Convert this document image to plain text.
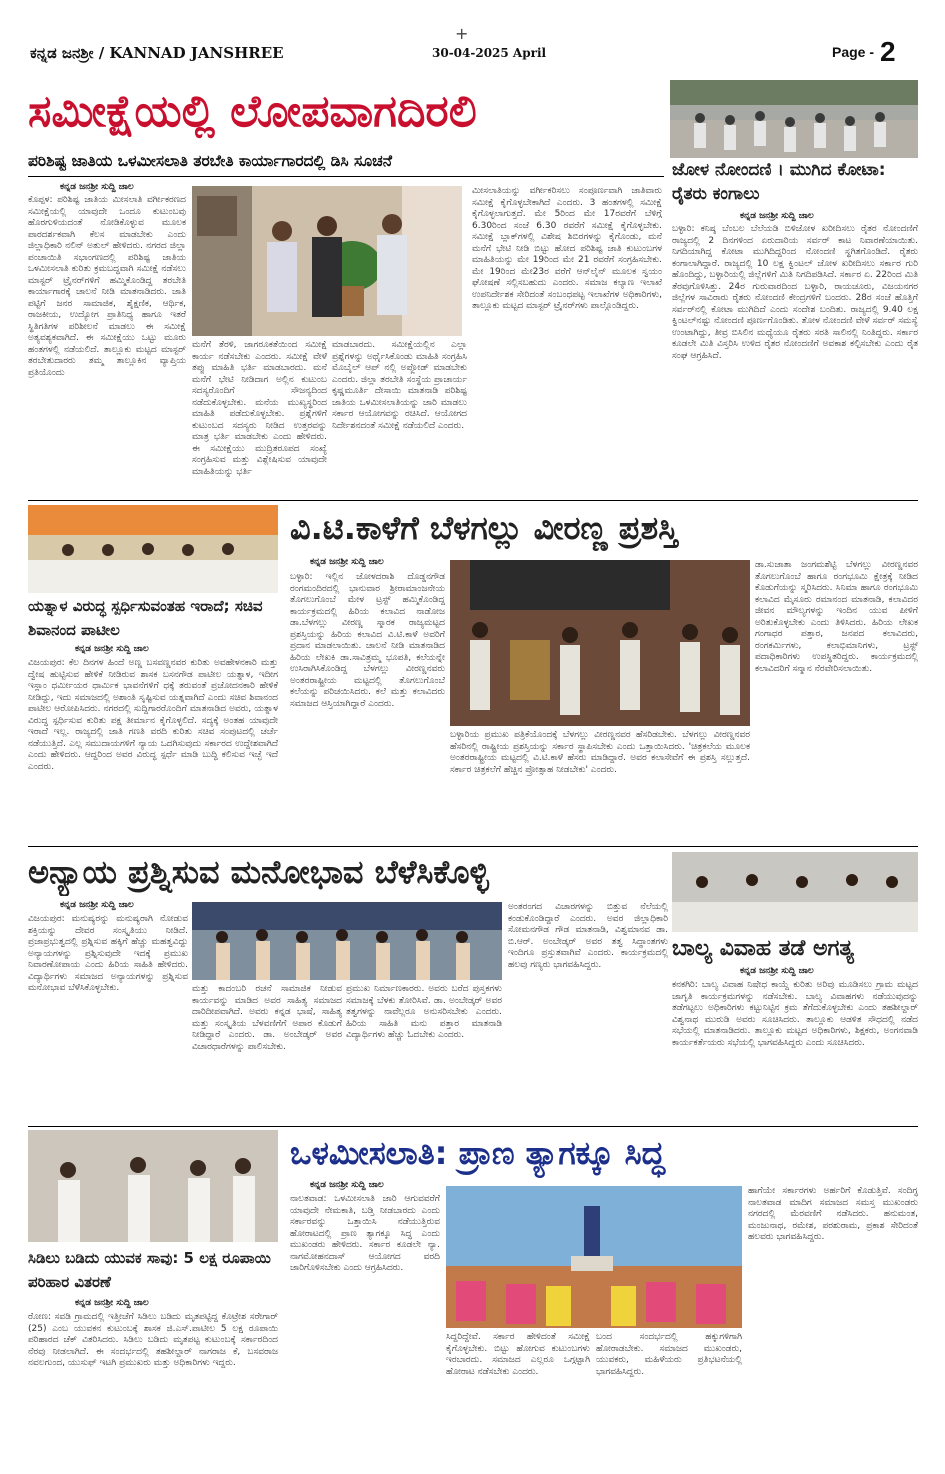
+
ಕನ್ನಡ ಜನಶ್ರೀ / KANNAD JANSHREE	30-04-2025 April	Page - 2
ಸಮೀಕ್ಷೆಯಲ್ಲಿ ಲೋಪವಾಗದಿರಲಿ
ಪರಿಶಿಷ್ಟ ಜಾತಿಯ ಒಳಮೀಸಲಾತಿ ತರಬೇತಿ ಕಾರ್ಯಾಗಾರದಲ್ಲಿ ಡಿಸಿ ಸೂಚನೆ
ಕನ್ನಡ ಜನಶ್ರೀ ಸುದ್ದಿ ಜಾಲ
ಕೊಪ್ಪಳ: ಪರಿಶಿಷ್ಟ ಜಾತಿಯ ಮೀಸಲಾತಿ ವರ್ಗೀಕರಣದ ಸಮೀಕ್ಷೆಯಲ್ಲಿ ಯಾವುದೇ ಒಂದೂ ಕುಟುಂಬವು ಹೊರಗುಳಿಯದಂತೆ ನೋಡಿಕೊಳ್ಳುವ ಮೂಲಕ ಪಾರದರ್ಶಕವಾಗಿ ಕೆಲಸ ಮಾಡಬೇಕು ಎಂದು ಜಿಲ್ಲಾಧಿಕಾರಿ ನಲಿನ್ ಅತುಲ್ ಹೇಳಿದರು. ನಗರದ ಜಿಲ್ಲಾ ಪಂಚಾಯಿತಿ ಸಭಾಂಗಣದಲ್ಲಿ ಪರಿಶಿಷ್ಟ ಜಾತಿಯ ಒಳಮೀಸಲಾತಿ ಕುರಿತು ಕ್ರಮಬದ್ಧವಾಗಿ ಸಮೀಕ್ಷೆ ನಡೆಸಲು ಮಾಸ್ಟರ್ ಟ್ರೈನರ್‌ಗಳಿಗೆ ಹಮ್ಮಿಕೊಂಡಿದ್ದ ತರಬೇತಿ ಕಾರ್ಯಾಗಾರಕ್ಕೆ ಚಾಲನೆ ನೀಡಿ ಮಾತನಾಡಿದರು. ಜಾತಿ ಪಟ್ಟಿಗೆ ಜನರ ಸಾಮಾಜಿಕ, ಶೈಕ್ಷಣಿಕ, ಆರ್ಥಿಕ, ರಾಜಕೀಯ, ಉದ್ಯೋಗ ಪ್ರಾತಿನಿಧ್ಯ ಹಾಗೂ ಇತರೆ ಸ್ಥಿತಿಗತಿಗಳ ಪರಿಶೀಲನೆ ಮಾಡಲು ಈ ಸಮೀಕ್ಷೆ ಅತ್ಯವಶ್ಯಕವಾಗಿದೆ. ಈ ಸಮೀಕ್ಷೆಯು ಒಟ್ಟು ಮೂರು ಹಂತಗಳಲ್ಲಿ ನಡೆಯಲಿದೆ. ತಾಲ್ಲೂಕು ಮಟ್ಟದ ಮಾಸ್ಟರ್ ತರಬೇತುದಾರರು ತಮ್ಮ ತಾಲ್ಲೂಕಿನ ವ್ಯಾಪ್ತಿಯ ಪ್ರತಿಯೊಂದು
ಮನೆಗೆ ತೆರಳಿ, ಜಾಗರೂಕತೆಯಿಂದ ಸಮೀಕ್ಷೆ ಕಾರ್ಯ ನಡೆಸಬೇಕು ಎಂದರು. ಸಮೀಕ್ಷೆ ವೇಳೆ ತಪ್ಪು ಮಾಹಿತಿ ಭರ್ತಿ ಮಾಡಬಾರದು. ಮನೆ ಮನೆಗೆ ಭೇಟಿ ನೀಡಿದಾಗ ಅಲ್ಲಿನ ಕುಟುಂಬ ಸದಸ್ಯರೊಂದಿಗೆ ಸೌಜನ್ಯದಿಂದ ನಡೆದುಕೊಳ್ಳಬೇಕು. ಮನೆಯ ಮುಖ್ಯಸ್ಥರಿಂದ ಮಾಹಿತಿ ಪಡೆದುಕೊಳ್ಳಬೇಕು. ಪ್ರಶ್ನೆಗಳಿಗೆ ಕುಟುಂಬದ ಸದಸ್ಯರು ನೀಡಿದ ಉತ್ತರವನ್ನು ಮಾತ್ರ ಭರ್ತಿ ಮಾಡಬೇಕು ಎಂದು ಹೇಳಿದರು. ಈ ಸಮೀಕ್ಷೆಯು ಮುದ್ರಿತರೂಪದ ಸಂಖ್ಯೆ ಸಂಗ್ರಹಿಸುವ ಮತ್ತು ವಿಶ್ಲೇಷಿಸುವ ಯಾವುದೇ ಮಾಹಿತಿಯನ್ನು ಭರ್ತಿ
ಮಾಡಬಾರದು. ಸಮೀಕ್ಷೆಯಲ್ಲಿನ ಎಲ್ಲಾ ಪ್ರಶ್ನೆಗಳನ್ನು ಅರ್ಥೈಸಿಕೊಂಡು ಮಾಹಿತಿ ಸಂಗ್ರಹಿಸಿ ಮೊಬೈಲ್ ಆಪ್ ನಲ್ಲಿ ಅಪ್ಲೋಡ್ ಮಾಡಬೇಕು ಎಂದರು. ಜಿಲ್ಲಾ ತರಬೇತಿ ಸಂಸ್ಥೆಯ ಪ್ರಾಚಾರ್ಯ ಕೃಷ್ಣಮೂರ್ತಿ ದೇಸಾಯಿ ಮಾತನಾಡಿ ಪರಿಶಿಷ್ಟ ಜಾತಿಯ ಒಳಮೀಸಲಾತಿಯನ್ನು ಜಾರಿ ಮಾಡಲು ಸರ್ಕಾರ ಆಯೋಗವನ್ನು ರಚಿಸಿದೆ. ಆಯೋಗದ ನಿರ್ದೇಶನದಂತೆ ಸಮೀಕ್ಷೆ ನಡೆಯಲಿದೆ ಎಂದರು.
ಮೀಸಲಾತಿಯನ್ನು ವರ್ಗೀಕರಿಸಲು ಸಂಪೂರ್ಣವಾಗಿ ಜಾತಿವಾರು ಸಮೀಕ್ಷೆ ಕೈಗೊಳ್ಳಬೇಕಾಗಿದೆ ಎಂದರು. 3 ಹಂತಗಳಲ್ಲಿ ಸಮೀಕ್ಷೆ ಕೈಗೊಳ್ಳಲಾಗುತ್ತದೆ. ಮೇ 5ರಿಂದ ಮೇ 17ರವರೆಗೆ ಬೆಳಿಗ್ಗೆ 6.30ರಿಂದ ಸಂಜೆ 6.30 ರವರೆಗೆ ಸಮೀಕ್ಷೆ ಕೈಗೊಳ್ಳಬೇಕು. ಸಮೀಕ್ಷೆ ಬ್ಲಾಕ್‌ಗಳಲ್ಲಿ ವಿಶೇಷ ಶಿಬಿರಗಳನ್ನು ಕೈಗೊಂಡು, ಮನೆ ಮನೆಗೆ ಭೇಟಿ ನೀಡಿ ಬಿಟ್ಟು ಹೋದ ಪರಿಶಿಷ್ಟ ಜಾತಿ ಕುಟುಂಬಗಳ ಮಾಹಿತಿಯನ್ನು ಮೇ 19ರಿಂದ ಮೇ 21 ರವರೆಗೆ ಸಂಗ್ರಹಿಸಬೇಕು. ಮೇ 19ರಿಂದ ಮೇ23ರ ವರೆಗೆ ಆನ್‌ಲೈನ್ ಮೂಲಕ ಸ್ವಯಂ ಘೋಷಣೆ ಸಲ್ಲಿಸಬಹುದು ಎಂದರು. ಸಮಾಜ ಕಲ್ಯಾಣ ಇಲಾಖೆ ಉಪನಿರ್ದೇಶಕ ಸೇರಿದಂತೆ ಸಂಬಂಧಪಟ್ಟ ಇಲಾಖೆಗಳ ಅಧಿಕಾರಿಗಳು, ತಾಲ್ಲೂಕು ಮಟ್ಟದ ಮಾಸ್ಟರ್ ಟ್ರೈನರ್‌ಗಳು ಪಾಲ್ಗೊಂಡಿದ್ದರು.
ಜೋಳ ನೋಂದಣಿ । ಮುಗಿದ ಕೋಟಾ: ರೈತರು ಕಂಗಾಲು
ಕನ್ನಡ ಜನಶ್ರೀ ಸುದ್ದಿ ಜಾಲ
ಬಳ್ಳಾರಿ: ಕನಿಷ್ಠ ಬೆಂಬಲ ಬೆಲೆಯಡಿ ಬಿಳಿಜೋಳ ಖರೀದಿಸಲು ರೈತರ ನೋಂದಣಿಗೆ ರಾಜ್ಯದಲ್ಲಿ 2 ದಿನಗಳಿಂದ ಏರುದಾರಿಯ ಸರ್ವರ್ ಕಾಟ ನಿವಾರಣೆಯಾಯಿತು. ನಿಗದಿಯಾಗಿದ್ದ ಕೋಟಾ ಮುಗಿದಿದ್ದರಿಂದ ನೋಂದಣಿ ಸ್ಥಗಿತಗೊಂಡಿದೆ. ರೈತರು ಕಂಗಾಲಾಗಿದ್ದಾರೆ. ರಾಜ್ಯದಲ್ಲಿ 10 ಲಕ್ಷ ಕ್ವಿಂಟಲ್ ಜೋಳ ಖರೀದಿಸಲು ಸರ್ಕಾರ ಗುರಿ ಹೊಂದಿದ್ದು, ಬಳ್ಳಾರಿಯಲ್ಲಿ ಜಿಲ್ಲೆಗಳಿಗೆ ಮಿತಿ ನಿಗದಿಪಡಿಸಿದೆ. ಸರ್ಕಾರ ಏ. 22ರಿಂದ ಮಿತಿ ತೆರವುಗೊಳಿಸಿತ್ತು. 24ರ ಗುರುವಾರದಿಂದ ಬಳ್ಳಾರಿ, ರಾಯಚೂರು, ವಿಜಯನಗರ ಜಿಲ್ಲೆಗಳ ಸಾವಿರಾರು ರೈತರು ನೋಂದಣಿ ಕೇಂದ್ರಗಳಿಗೆ ಬಂದರು. 28ರ ಸಂಜೆ ಹೊತ್ತಿಗೆ ಸರ್ವರ್‌ನಲ್ಲಿ ಕೋಟಾ ಮುಗಿದಿದೆ ಎಂದು ಸಂದೇಶ ಬಂದಿತು. ರಾಜ್ಯದಲ್ಲಿ 9.40 ಲಕ್ಷ ಕ್ವಿಂಟಲ್‌ನಷ್ಟು ನೋಂದಣಿ ಪೂರ್ಣಗೊಂಡಿತು. ತೋಳ ನೋಂದಣಿ ವೇಳೆ ಸರ್ವರ್ ಸಮಸ್ಯೆ ಉಂಟಾಗಿದ್ದು, ತೀವ್ರ ಬಿಸಿಲಿನ ಮಧ್ಯೆಯೂ ರೈತರು ಸರತಿ ಸಾಲಿನಲ್ಲಿ ನಿಂತಿದ್ದರು. ಸರ್ಕಾರ ಕೂಡಲೇ ಮಿತಿ ವಿಸ್ತರಿಸಿ ಉಳಿದ ರೈತರ ನೋಂದಣಿಗೆ ಅವಕಾಶ ಕಲ್ಪಿಸಬೇಕು ಎಂದು ರೈತ ಸಂಘ ಆಗ್ರಹಿಸಿದೆ.
ಯತ್ನಾಳ ವಿರುದ್ಧ ಸ್ಪರ್ಧಿಸುವಂತಹ ಇರಾದೆ; ಸಚಿವ ಶಿವಾನಂದ ಪಾಟೀಲ
ಕನ್ನಡ ಜನಶ್ರೀ ಸುದ್ದಿ ಜಾಲ
ವಿಜಯಪುರ: ಕೆಲ ದಿನಗಳ ಹಿಂದೆ ಅಣ್ಣ ಬಸವಣ್ಣನವರ ಕುರಿತು ಅವಹೇಳನಕಾರಿ ಮತ್ತು ದ್ವೇಷ ಹುಟ್ಟಿಸುವ ಹೇಳಿಕೆ ನೀಡಿರುವ ಶಾಸಕ ಬಸನಗೌಡ ಪಾಟೀಲ ಯತ್ನಾಳ, ಇದೀಗ ಇಸ್ಲಾಂ ಧರ್ಮೀಯರ ಧಾರ್ಮಿಕ ಭಾವನೆಗಳಿಗೆ ಧಕ್ಕೆ ತರುವಂತೆ ಪ್ರಚೋದನಕಾರಿ ಹೇಳಿಕೆ ನೀಡಿದ್ದು, ಇದು ಸಮಾಜದಲ್ಲಿ ಅಶಾಂತಿ ಸೃಷ್ಟಿಸುವ ಯತ್ನವಾಗಿದೆ ಎಂದು ಸಚಿವ ಶಿವಾನಂದ ಪಾಟೀಲ ಆರೋಪಿಸಿದರು. ನಗರದಲ್ಲಿ ಸುದ್ದಿಗಾರರೊಂದಿಗೆ ಮಾತನಾಡಿದ ಅವರು, ಯತ್ನಾಳ ವಿರುದ್ಧ ಸ್ಪರ್ಧಿಸುವ ಕುರಿತು ಪಕ್ಷ ತೀರ್ಮಾನ ಕೈಗೊಳ್ಳಲಿದೆ. ಸದ್ಯಕ್ಕೆ ಅಂತಹ ಯಾವುದೇ ಇರಾದೆ ಇಲ್ಲ. ರಾಜ್ಯದಲ್ಲಿ ಜಾತಿ ಗಣತಿ ವರದಿ ಕುರಿತು ಸಚಿವ ಸಂಪುಟದಲ್ಲಿ ಚರ್ಚೆ ನಡೆಯುತ್ತಿದೆ. ಎಲ್ಲ ಸಮುದಾಯಗಳಿಗೆ ನ್ಯಾಯ ಒದಗಿಸುವುದು ಸರ್ಕಾರದ ಉದ್ದೇಶವಾಗಿದೆ ಎಂದು ಹೇಳಿದರು. ಆದ್ದರಿಂದ ಅವರ ವಿರುದ್ಧ ಸ್ಪರ್ಧೆ ಮಾಡಿ ಬುದ್ಧಿ ಕಲಿಸುವ ಇಚ್ಛೆ ಇದೆ ಎಂದರು.
ವಿ.ಟಿ.ಕಾಳೆಗೆ ಬೆಳಗಲ್ಲು ವೀರಣ್ಣ ಪ್ರಶಸ್ತಿ
ಕನ್ನಡ ಜನಶ್ರೀ ಸುದ್ದಿ ಜಾಲ
ಬಳ್ಳಾರಿ: ಇಲ್ಲಿನ ಜೋಳದರಾಶಿ ದೊಡ್ಡನಗೌಡ ರಂಗಮಂದಿರದಲ್ಲಿ ಭಾನುವಾರ ಶ್ರೀರಾಮಾಂಜನೇಯ ತೊಗಲುಗೊಂಬೆ ಮೇಳ ಟ್ರಸ್ಟ್ ಹಮ್ಮಿಕೊಂಡಿದ್ದ ಕಾರ್ಯಕ್ರಮದಲ್ಲಿ ಹಿರಿಯ ಕಲಾವಿದ ನಾಡೋಜ ಡಾ.ಬೆಳಗಲ್ಲು ವೀರಣ್ಣ ಸ್ಮಾರಕ ರಾಜ್ಯಮಟ್ಟದ ಪ್ರಶಸ್ತಿಯನ್ನು ಹಿರಿಯ ಕಲಾವಿದ ವಿ.ಟಿ.ಕಾಳೆ ಅವರಿಗೆ ಪ್ರದಾನ ಮಾಡಲಾಯಿತು. ಚಾಲನೆ ನೀಡಿ ಮಾತನಾಡಿದ ಹಿರಿಯ ಲೇಖಕಿ ಡಾ.ಸಾವಿತ್ರಮ್ಮ ಭೂಪತಿ, ಕಲೆಯನ್ನೇ ಉಸಿರಾಗಿಸಿಕೊಂಡಿದ್ದ ಬೆಳಗಲ್ಲು ವೀರಣ್ಣನವರು ಅಂತರರಾಷ್ಟ್ರೀಯ ಮಟ್ಟದಲ್ಲಿ ತೊಗಲುಗೊಂಬೆ ಕಲೆಯನ್ನು ಪರಿಚಯಿಸಿದರು. ಕಲೆ ಮತ್ತು ಕಲಾವಿದರು ಸಮಾಜದ ಆಸ್ತಿಯಾಗಿದ್ದಾರೆ ಎಂದರು.
ಬಳ್ಳಾರಿಯ ಪ್ರಮುಖ ಪತ್ರಿಕೆಯೊಂದಕ್ಕೆ ಬೆಳಗಲ್ಲು ವೀರಣ್ಣನವರ ಹೆಸರಿಡಬೇಕು. ಬೆಳಗಲ್ಲು ವೀರಣ್ಣನವರ ಹೆಸರಿನಲ್ಲಿ ರಾಷ್ಟ್ರೀಯ ಪ್ರಶಸ್ತಿಯನ್ನು ಸರ್ಕಾರ ಸ್ಥಾಪಿಸಬೇಕು ಎಂದು ಒತ್ತಾಯಿಸಿದರು. 'ಚಿತ್ರಕಲೆಯ ಮೂಲಕ ಅಂತರರಾಷ್ಟ್ರೀಯ ಮಟ್ಟದಲ್ಲಿ ವಿ.ಟಿ.ಕಾಳೆ ಹೆಸರು ಮಾಡಿದ್ದಾರೆ. ಅವರ ಕಲಾಸೇವೆಗೆ ಈ ಪ್ರಶಸ್ತಿ ಸಲ್ಲುತ್ತದೆ. ಸರ್ಕಾರ ಚಿತ್ರಕಲೆಗೆ ಹೆಚ್ಚಿನ ಪ್ರೋತ್ಸಾಹ ನೀಡಬೇಕು' ಎಂದರು.
ಡಾ.ಸುಜಾತಾ ಜಂಗಮಶೆಟ್ಟಿ ಬೆಳಗಲ್ಲು ವೀರಣ್ಣನವರ ತೊಗಲುಗೊಂಬೆ ಹಾಗೂ ರಂಗಭೂಮಿ ಕ್ಷೇತ್ರಕ್ಕೆ ನೀಡಿದ ಕೊಡುಗೆಯನ್ನು ಸ್ಮರಿಸಿದರು. ಸಿನಿಮಾ ಹಾಗೂ ರಂಗಭೂಮಿ ಕಲಾವಿದ ಮೈಸೂರು ರಮಾನಂದ ಮಾತನಾಡಿ, ಕಲಾವಿದರ ಜೀವನ ಮೌಲ್ಯಗಳನ್ನು ಇಂದಿನ ಯುವ ಪೀಳಿಗೆ ಅರಿತುಕೊಳ್ಳಬೇಕು ಎಂದು ತಿಳಿಸಿದರು. ಹಿರಿಯ ಲೇಖಕ ಗಂಗಾಧರ ಪತ್ತಾರ, ಜನಪದ ಕಲಾವಿದರು, ರಂಗಕರ್ಮಿಗಳು, ಕಲಾಭಿಮಾನಿಗಳು, ಟ್ರಸ್ಟ್ ಪದಾಧಿಕಾರಿಗಳು ಉಪಸ್ಥಿತರಿದ್ದರು. ಕಾರ್ಯಕ್ರಮದಲ್ಲಿ ಕಲಾವಿದರಿಗೆ ಸನ್ಮಾನ ನೆರವೇರಿಸಲಾಯಿತು.
ಅನ್ಯಾಯ ಪ್ರಶ್ನಿಸುವ ಮನೋಭಾವ ಬೆಳೆಸಿಕೊಳ್ಳಿ
ಕನ್ನಡ ಜನಶ್ರೀ ಸುದ್ದಿ ಜಾಲ
ವಿಜಯಪುರ: ಮನುಷ್ಯರನ್ನು ಮನುಷ್ಯರಾಗಿ ನೋಡುವ ಶಕ್ತಿಯನ್ನು ದೇವರ ಸಂಸ್ಕೃತಿಯು ನೀಡಿದೆ. ಪ್ರಜಾಪ್ರಭುತ್ವದಲ್ಲಿ ಪ್ರಶ್ನಿಸುವ ಹಕ್ಕಿಗೆ ಹೆಚ್ಚು ಮಹತ್ವವಿದ್ದು ಅನ್ಯಾಯಗಳನ್ನು ಪ್ರಶ್ನಿಸುವುದೇ ಇದಕ್ಕೆ ಪ್ರಮುಖ ನಿವಾರಣೋಪಾಯ ಎಂದು ಹಿರಿಯ ಸಾಹಿತಿ ಹೇಳಿದರು. ವಿದ್ಯಾರ್ಥಿಗಳು ಸಮಾಜದ ಅನ್ಯಾಯಗಳನ್ನು ಪ್ರಶ್ನಿಸುವ ಮನೋಭಾವ ಬೆಳೆಸಿಕೊಳ್ಳಬೇಕು.	ಮತ್ತು ಕಾದಂಬರಿ ರಚನೆ ಸಾಮಾಜಿಕ ನೀಡುವ ಕಾರ್ಯವನ್ನು ಮಾಡಿದ ಅವರ ಸಾಹಿತ್ಯ ಸಮಾಜದ ದಾರಿದೀಪವಾಗಿದೆ. ಅವರು ಕನ್ನಡ ಭಾಷೆ, ಸಾಹಿತ್ಯ ಮತ್ತು ಸಂಸ್ಕೃತಿಯ ಬೆಳವಣಿಗೆಗೆ ಅಪಾರ ಕೊಡುಗೆ ನೀಡಿದ್ದಾರೆ ಎಂದರು. ಡಾ. ಅಂಬೇಡ್ಕರ್ ಅವರ ವಿಚಾರಧಾರೆಗಳನ್ನು ಪಾಲಿಸಬೇಕು.
ಪ್ರಮುಖ ನಿರ್ಮಾಣಕಾರರು. ಅವರು ಬರೆದ ಪುಸ್ತಕಗಳು ಸಮಾಜಕ್ಕೆ ಬೆಳಕು ತೋರಿಸಿವೆ. ಡಾ. ಅಂಬೇಡ್ಕರ್ ಅವರ ತತ್ವಗಳನ್ನು ನಾವೆಲ್ಲರೂ ಅನುಸರಿಸಬೇಕು ಎಂದರು. ಹಿರಿಯ ಸಾಹಿತಿ ಮನು ಪತ್ತಾರ ಮಾತನಾಡಿ ವಿದ್ಯಾರ್ಥಿಗಳು ಹೆಚ್ಚು ಓದಬೇಕು ಎಂದರು.
ಅಂತರಂಗದ ವಿಚಾರಗಳನ್ನು ಬಿತ್ತುವ ನೆಲೆಯಲ್ಲಿ ಕಂಡುಕೊಂಡಿದ್ದಾರೆ ಎಂದರು. ಅವರ ಜಿಲ್ಲಾಧಿಕಾರಿ ಸೋಮನಗೌಡ ಗೌಡ ಮಾತನಾಡಿ, ವಿಶ್ವಮಾನವ ಡಾ. ಬಿ.ಆರ್. ಅಂಬೇಡ್ಕರ್ ಅವರ ತತ್ವ ಸಿದ್ಧಾಂತಗಳು ಇಂದಿಗೂ ಪ್ರಸ್ತುತವಾಗಿವೆ ಎಂದರು. ಕಾರ್ಯಕ್ರಮದಲ್ಲಿ ಹಲವು ಗಣ್ಯರು ಭಾಗವಹಿಸಿದ್ದರು.
ಬಾಲ್ಯ ವಿವಾಹ ತಡೆ ಅಗತ್ಯ
ಕನ್ನಡ ಜನಶ್ರೀ ಸುದ್ದಿ ಜಾಲ
ಕನಕಗಿರಿ: ಬಾಲ್ಯ ವಿವಾಹ ನಿಷೇಧ ಕಾಯ್ದೆ ಕುರಿತು ಅರಿವು ಮೂಡಿಸಲು ಗ್ರಾಮ ಮಟ್ಟದ ಜಾಗೃತಿ ಕಾರ್ಯಕ್ರಮಗಳನ್ನು ನಡೆಸಬೇಕು. ಬಾಲ್ಯ ವಿವಾಹಗಳು ನಡೆಯುವುದನ್ನು ತಡೆಗಟ್ಟಲು ಅಧಿಕಾರಿಗಳು ಕಟ್ಟುನಿಟ್ಟಿನ ಕ್ರಮ ತೆಗೆದುಕೊಳ್ಳಬೇಕು ಎಂದು ತಹಶೀಲ್ದಾರ್ ವಿಶ್ವನಾಥ ಮುರುಡಿ ಅವರು ಸೂಚಿಸಿದರು. ತಾಲ್ಲೂಕು ಆಡಳಿತ ಸೌಧದಲ್ಲಿ ನಡೆದ ಸಭೆಯಲ್ಲಿ ಮಾತನಾಡಿದರು. ತಾಲ್ಲೂಕು ಮಟ್ಟದ ಅಧಿಕಾರಿಗಳು, ಶಿಕ್ಷಕರು, ಅಂಗನವಾಡಿ ಕಾರ್ಯಕರ್ತೆಯರು ಸಭೆಯಲ್ಲಿ ಭಾಗವಹಿಸಿದ್ದರು ಎಂದು ಸೂಚಿಸಿದರು.
ಸಿಡಿಲು ಬಡಿದು ಯುವಕ ಸಾವು: 5 ಲಕ್ಷ ರೂಪಾಯಿ ಪರಿಹಾರ ವಿತರಣೆ
ಕನ್ನಡ ಜನಶ್ರೀ ಸುದ್ದಿ ಜಾಲ
ರೋಣ: ಸವಡಿ ಗ್ರಾಮದಲ್ಲಿ ಇತ್ತೀಚೆಗೆ ಸಿಡಿಲು ಬಡಿದು ಮೃತಪಟ್ಟಿದ್ದ ಕೊಟ್ರೇಶ ಸರೇಗಾರ್ (25) ಎಂಬ ಯುವಕನ ಕುಟುಂಬಕ್ಕೆ ಶಾಸಕ ಜಿ.ಎಸ್.ಪಾಟೀಲ 5 ಲಕ್ಷ ರೂಪಾಯಿ ಪರಿಹಾರದ ಚೆಕ್ ವಿತರಿಸಿದರು. ಸಿಡಿಲು ಬಡಿದು ಮೃತಪಟ್ಟ ಕುಟುಂಬಕ್ಕೆ ಸರ್ಕಾರದಿಂದ ನೆರವು ನೀಡಲಾಗಿದೆ. ಈ ಸಂದರ್ಭದಲ್ಲಿ ತಹಶೀಲ್ದಾರ್ ನಾಗರಾಜ ಕೆ, ಬಸವರಾಜ ನವಲಗುಂದ, ಯುಸುಫ್ ಇಟಗಿ ಪ್ರಮುಖರು ಮತ್ತು ಅಧಿಕಾರಿಗಳು ಇದ್ದರು.
ಒಳಮೀಸಲಾತಿ: ಪ್ರಾಣ ತ್ಯಾಗಕ್ಕೂ ಸಿದ್ಧ
ಕನ್ನಡ ಜನಶ್ರೀ ಸುದ್ದಿ ಜಾಲ
ನಾಲತವಾಡ: ಒಳಮೀಸಲಾತಿ ಜಾರಿ ಆಗುವವರೆಗೆ ಯಾವುದೇ ನೇಮಕಾತಿ, ಬಡ್ತಿ ನೀಡಬಾರದು ಎಂದು ಸರ್ಕಾರವನ್ನು ಒತ್ತಾಯಿಸಿ ನಡೆಯುತ್ತಿರುವ ಹೋರಾಟದಲ್ಲಿ ಪ್ರಾಣ ತ್ಯಾಗಕ್ಕೂ ಸಿದ್ಧ ಎಂದು ಮುಖಂಡರು ಹೇಳಿದರು. ಸರ್ಕಾರ ಕೂಡಲೇ ನ್ಯಾ. ನಾಗಮೋಹನದಾಸ್ ಆಯೋಗದ ವರದಿ ಜಾರಿಗೊಳಿಸಬೇಕು ಎಂದು ಆಗ್ರಹಿಸಿದರು.
ಸಿದ್ದರಿದ್ದೇವೆ. ಸರ್ಕಾರ ಹೇಳಿದಂತೆ ಸಮೀಕ್ಷೆ ಕೈಗೊಳ್ಳಬೇಕು. ಬಿಟ್ಟು ಹೋಗುವ ಕುಟುಂಬಗಳು ಇರಬಾರದು. ಸಮಾಜದ ಎಲ್ಲರೂ ಒಗ್ಗಟ್ಟಾಗಿ ಹೋರಾಟ ನಡೆಸಬೇಕು ಎಂದರು.
ಬಂದ ಸಂದರ್ಭದಲ್ಲಿ ಹಕ್ಕುಗಳಿಗಾಗಿ ಹೋರಾಡಬೇಕು. ಸಮಾಜದ ಮುಖಂಡರು, ಯುವಕರು, ಮಹಿಳೆಯರು ಪ್ರತಿಭಟನೆಯಲ್ಲಿ ಭಾಗವಹಿಸಿದ್ದರು.
ಹಾಗೆಯೇ ಸರ್ಕಾರಗಳು ಅರ್ಹರಿಗೆ ಕೊಡುತ್ತಿವೆ. ಸಂದಿಗ್ಧ ನಾಲತವಾಡ ಮಾದಿಗ ಸಮಾಜದ ಸಮಸ್ತ ಮುಖಂಡರು ನಗರದಲ್ಲಿ ಮೆರವಣಿಗೆ ನಡೆಸಿದರು. ಹನುಮಂತ, ಮಂಜುನಾಥ, ರಮೇಶ, ಪರಶುರಾಮ, ಪ್ರಕಾಶ ಸೇರಿದಂತೆ ಹಲವರು ಭಾಗವಹಿಸಿದ್ದರು.
